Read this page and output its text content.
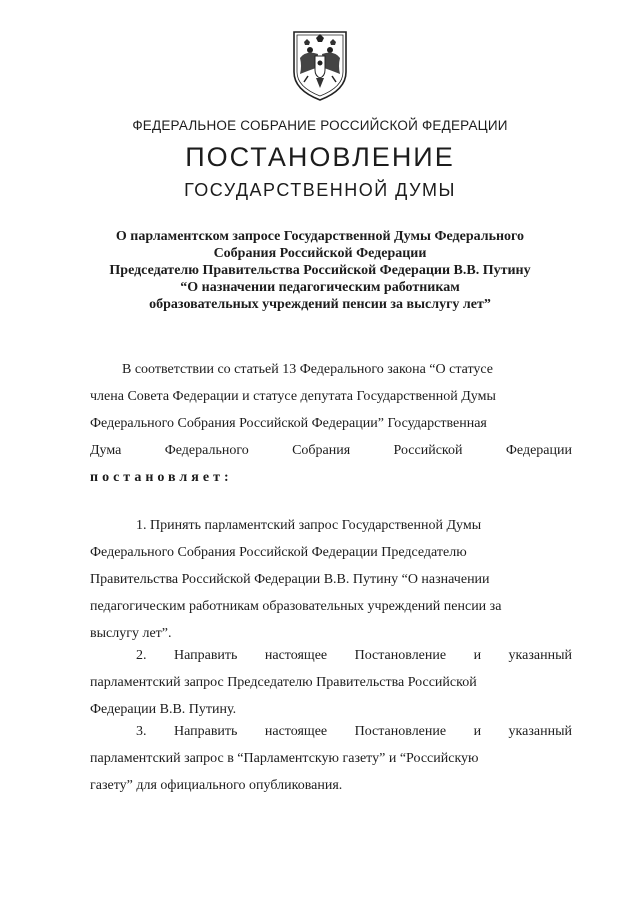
ФЕДЕРАЛЬНОЕ СОБРАНИЕ РОССИЙСКОЙ ФЕДЕРАЦИИ
ПОСТАНОВЛЕНИЕ
ГОСУДАРСТВЕННОЙ ДУМЫ
О парламентском запросе Государственной Думы Федерального
Собрания Российской Федерации
Председателю Правительства Российской Федерации В.В. Путину
“О назначении педагогическим работникам
образовательных учреждений пенсии за выслугу лет”
В соответствии со статьей 13 Федерального закона “О статусе
члена Совета Федерации и статусе депутата Государственной Думы
Федерального Собрания Российской Федерации” Государственная
Дума	Федерального	Собрания	Российской	Федерации
постановляет:
1. Принять парламентский запрос Государственной Думы
Федерального Собрания Российской Федерации Председателю
Правительства Российской Федерации В.В. Путину “О назначении
педагогическим работникам образовательных учреждений пенсии за
выслугу лет”.
2. Направить настоящее Постановление и указанный
парламентский запрос Председателю Правительства Российской
Федерации В.В. Путину.
3. Направить настоящее Постановление и указанный
парламентский запрос в “Парламентскую газету” и “Российскую
газету” для официального опубликования.
